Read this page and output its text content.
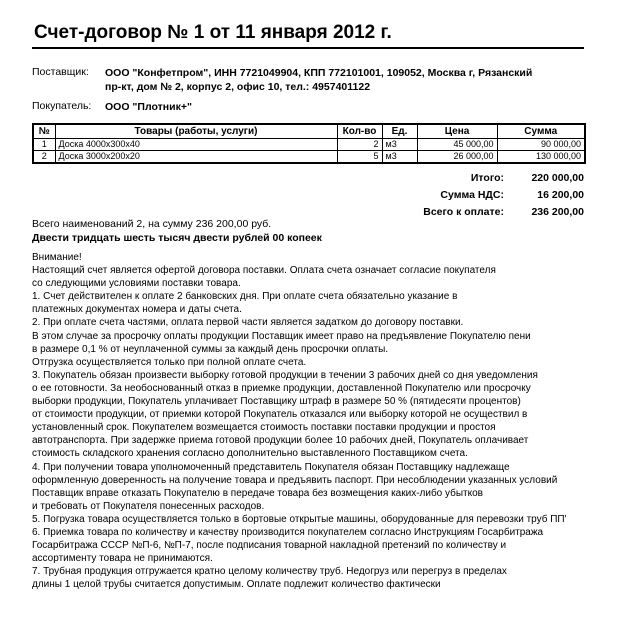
Счет-договор № 1 от 11 января 2012 г.
Поставщик: ООО "Конфетпром", ИНН 7721049904, КПП 772101001, 109052, Москва г, Рязанский
пр-кт, дом № 2, корпус 2, офис 10, тел.: 4957401122
Покупатель: ООО "Плотник+"
№	Товары (работы, услуги)	Кол-во	Ед.	Цена	Сумма
1	Доска 4000x300x40	2	м3	45 000,00	90 000,00
2	Доска 3000x200x20	5	м3	26 000,00	130 000,00
Итого:	220 000,00
Сумма НДС:	16 200,00
Всего к оплате:	236 200,00
Всего наименований 2, на сумму 236 200,00 руб.
Двести тридцать шесть тысяч двести рублей 00 копеек
Внимание!
Настоящий счет является офертой договора поставки. Оплата счета означает согласие покупателя
со следующими условиями поставки товара.
1. Счет действителен к оплате 2 банковских дня. При оплате счета обязательно указание в
платежных документах номера и даты счета.
2. При оплате счета частями, оплата первой части является задатком до договору поставки.
В этом случае за просрочку оплаты продукции Поставщик имеет право на предъявление Покупателю пени
в размере 0,1 % от неуплаченной суммы за каждый день просрочки оплаты.
Отгрузка осуществляется только при полной оплате счета.
3. Покупатель обязан произвести выборку готовой продукции в течении 3 рабочих дней со дня уведомления
о ее готовности. За необоснованный отказ в приемке продукции, доставленной Покупателю или просрочку
выборки продукции, Покупатель уплачивает Поставщику штраф в размере 50 % (пятидесяти процентов)
от стоимости продукции, от приемки которой Покупатель отказался или выборку которой не осуществил в
установленный срок. Покупателем возмещается стоимость поставки поставки продукции и простоя
автотранспорта. При задержке приема готовой продукции более 10 рабочих дней, Покупатель оплачивает
стоимость складского хранения согласно дополнительно выставленного Поставщиком счета.
4. При получении товара уполномоченный представитель Покупателя обязан Поставщику надлежаще
оформленную доверенность на получение товара и предъявить паспорт. При несоблюдении указанных условий
Поставщик вправе отказать Покупателю в передаче товара без возмещения каких-либо убытков
и требовать от Покупателя понесенных расходов.
5. Погрузка товара осуществляется только в бортовые открытые машины, оборудованные для перевозки труб ПП'
6. Приемка товара по количеству и качеству производится покупателем согласно Инструкциям Госарбитража
Госарбитража СССР №П-6, №П-7, после подписания товарной накладной претензий по количеству и
ассортименту товара не принимаются.
7. Трубная продукция отгружается кратно целому количеству труб. Недогруз или перегруз в пределах
длины 1 целой трубы считается допустимым. Оплате подлежит количество фактически
